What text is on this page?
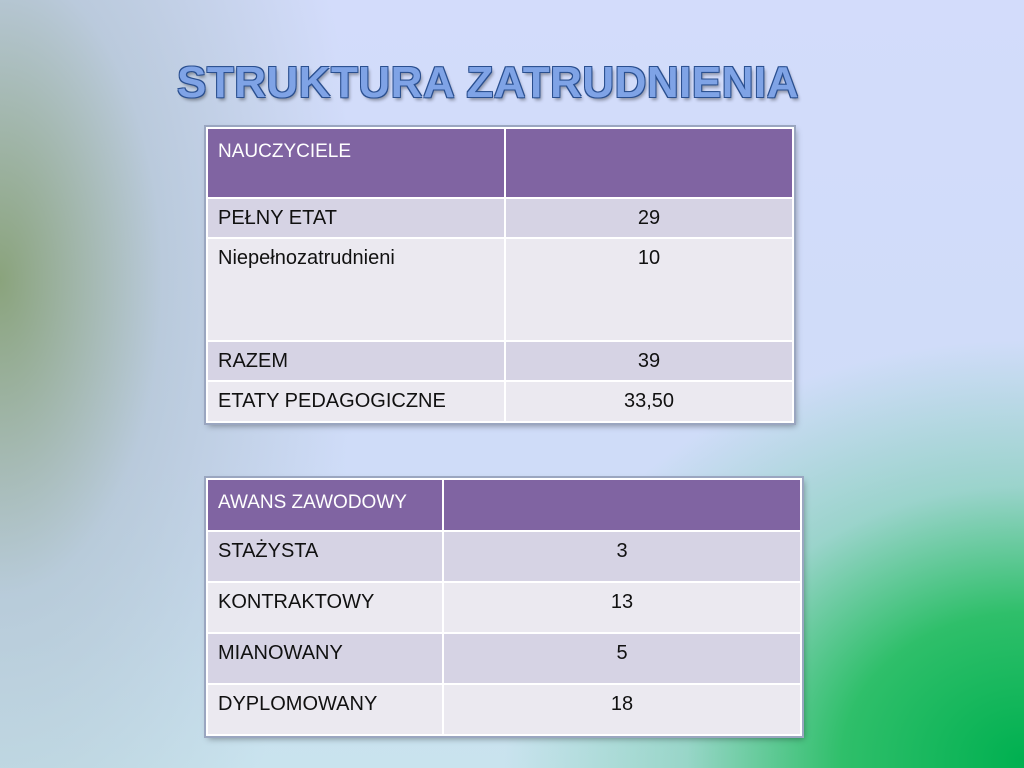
STRUKTURA ZATRUDNIENIA
NAUCZYCIELE	
PEŁNY ETAT	29
Niepełnozatrudnieni	10
RAZEM	39
ETATY PEDAGOGICZNE	33,50
AWANS ZAWODOWY	
STAŻYSTA	3
KONTRAKTOWY	13
MIANOWANY	5
DYPLOMOWANY	18
